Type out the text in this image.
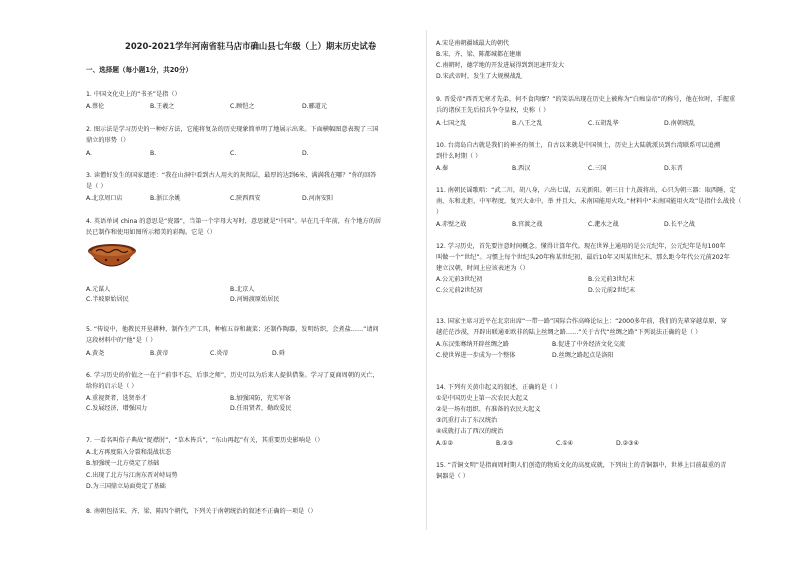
2020-2021学年河南省驻马店市确山县七年级（上）期末历史试卷
一、选择题（每小题1分，共20分）
1. 中国文化史上的“书圣”是指（）
A.蔡伦	B.王羲之	C.顾恺之	D.郦道元
2. 图示法是学习历史的一种好方法，它能将复杂的历史现象简单明了地展示出来。下面横幅图意表现了三国
鼎立的形势（）
A.	B.	C.	D.
3. 读僧好发生的国家遗迹：“我在山洞中看到古人用火的灰烬层，最厚的达到6米，满满我在哪？”你的回答
是（ ）
A.北京周口店	B.浙江余姚	C.陕西西安	D.河南安阳
4. 英语单词 china 的意思是“瓷器”，当第一个字母大写时，意思就是“中国”。早在几千年前，有个地方的居
民已制作和使用如图所示精美的彩陶。它是（）
A.元谋人	B.北京人
C.半坡原始居民	D.河姆渡原始居民
5. “传说中，他教民开垦耕种，制作生产工具，种植五谷和蔬菜；还制作陶器，发明纺织，会煮盐……”请问
这段材料中的“他”是（ ）
A.黄尧	B.黄帝	C.炎帝	D.舜
6. 学习历史的价值之一在于“前事不忘，后事之师”，历史可以为后来人提供借鉴。学习了夏商周朝的灭亡，
给你的启示是（ ）
A.重视贤者，选贤举才	B.加强国防，充实军备
C.发展经济，增强国力	D.任用贤者，勤政爱民
7. 一看名叫俗子典故“捉襟肘”，“草木皆兵”，“东山再起”有关，其重要历史影响是（）
A.北方再度陷入分裂和混战状态
B.加强统一北方奠定了基础
C.出现了北方与江南东晋对峙局势
D.为三国鼎立局面奠定了基础
8. 南朝包括宋、齐、梁、陈四个朝代，下列关于南朝统治的叙述不正确的一项是（）
A.宋是南朝疆域最大的朝代
B.宋、齐、梁、陈都城都在建康
C.南朝时，德学地的开发进展得到到迅速开发大
D.宋武帝时，发生了大规模战乱
9. 晋爱帝“西晋无寒才先弟，何不食肉糜？”的笑话出现在历史上被称为“白痴皇帝”的称号，他在位时，手握重
兵的诸侯王先后招兵争夺皇权，史称（ ）
A.七国之乱	B.八王之乱	C.五胡乱华	D.南朝统乱
10. 台湾岛自古就是我们的神圣的领土，自古以来就是中国领土，历史上大陆就派员到台湾联系可以追溯
到什么时期（ ）
A.秦	B.西汉	C.三国	D.东晋
11. 南朝民谣歌唱：“武二川，胡八身，六出七谋，五光新阳。朝三日十九鼓将出，心只为朝三器：取西陲，定
南，东和北拒，中军程度，复兴大业中，举 并且大，未南国能用火攻。”材料中“未南国能用火攻”是指什么战役（
）
A.赤壁之战	B.官渡之战	C.淝水之战	D.长平之战
12. 学习历史，首先要注意时间概念。懂得计算年代。现在世界上通用的是公元纪年，公元纪年是每100年
叫做一个“世纪”。习惯上每个世纪头20年称某世纪初，最后10年又叫某世纪末，那么距今年代公元前202年
建立汉朝，时间上应该表述为（）
A.公元前3世纪初	B.公元前3世纪末
C.公元前2世纪初	D.公元前2世纪末
13. 国家主席习近平在北京出席“一带一路”国际合作高峰论坛上：“2000多年前，我们的先辈穿越草原，穿
越茫茫沙漠，开辟出联通亚欧非的陆上丝绸之路……”关于古代“丝绸之路”下列说法正确的是（ ）
A.东汉张骞纳开辟丝绸之路	B.促进了中外经济文化交流
C.使世界进一步成为一个整体	D.丝绸之路起点是洛阳
14. 下列有关黄巾起义的叙述，正确的是（ ）
①是中国历史上第一次农民大起义
②是一场有组织、有准备的农民大起义
③沉重打击了东汉统治
④成就打击了西汉的统治
A.①②	B.②③	C.①④	D.②③④
15. “青铜文明”是指商周时期人们创造的物质文化的高度成就，下列出土的青铜器中，世界上目前最重的青
铜器是（ ）
